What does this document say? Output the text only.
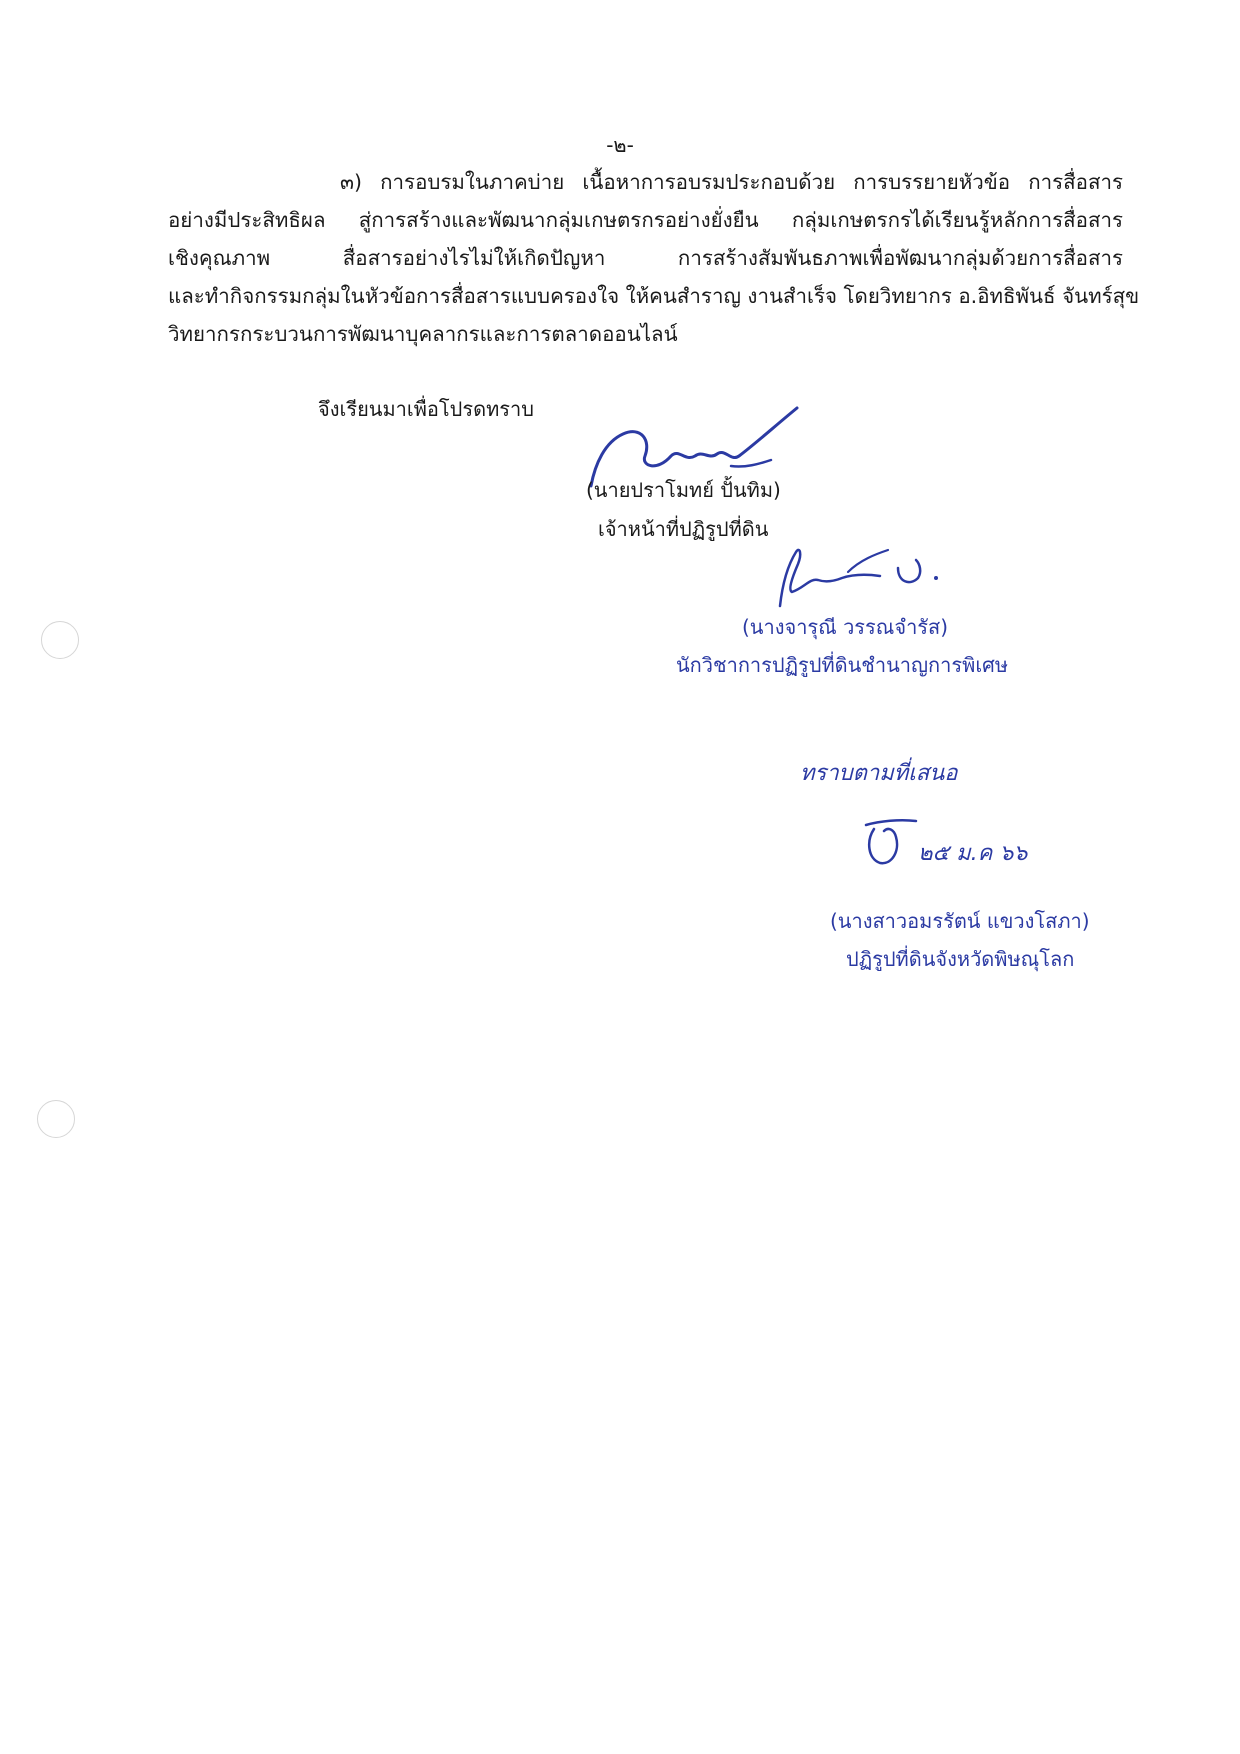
-๒-
๓) การอบรมในภาคบ่าย เนื้อหาการอบรมประกอบด้วย การบรรยายหัวข้อ การสื่อสาร
อย่างมีประสิทธิผล สู่การสร้างและพัฒนากลุ่มเกษตรกรอย่างยั่งยืน กลุ่มเกษตรกรได้เรียนรู้หลักการสื่อสาร
เชิงคุณภาพ สื่อสารอย่างไรไม่ให้เกิดปัญหา การสร้างสัมพันธภาพเพื่อพัฒนากลุ่มด้วยการสื่อสาร
และทำกิจกรรมกลุ่มในหัวข้อการสื่อสารแบบครองใจ ให้คนสำราญ งานสำเร็จ โดยวิทยากร อ.อิทธิพันธ์ จันทร์สุข
วิทยากรกระบวนการพัฒนาบุคลากรและการตลาดออนไลน์
จึงเรียนมาเพื่อโปรดทราบ
(นายปราโมทย์ ปั้นทิม)
เจ้าหน้าที่ปฏิรูปที่ดิน
(นางจารุณี วรรณจำรัส)
นักวิชาการปฏิรูปที่ดินชำนาญการพิเศษ
ทราบตามที่เสนอ
๒๕ ม.ค ๖๖
(นางสาวอมรรัตน์ แขวงโสภา)
ปฏิรูปที่ดินจังหวัดพิษณุโลก
